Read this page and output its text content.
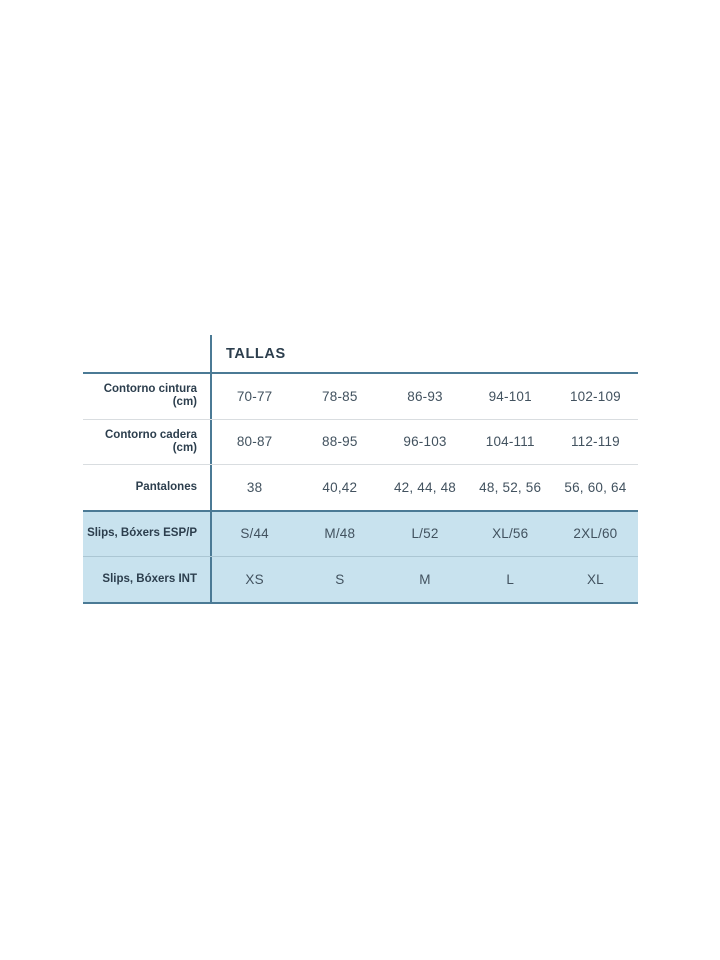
TALLAS
Contorno cintura (cm)	70-77	78-85	86-93	94-101	102-109
Contorno cadera (cm)	80-87	88-95	96-103	104-111	112-119
Pantalones	38	40,42	42, 44, 48	48, 52, 56	56, 60, 64
Slips, Bóxers ESP/P	S/44	M/48	L/52	XL/56	2XL/60
Slips, Bóxers INT	XS	S	M	L	XL
